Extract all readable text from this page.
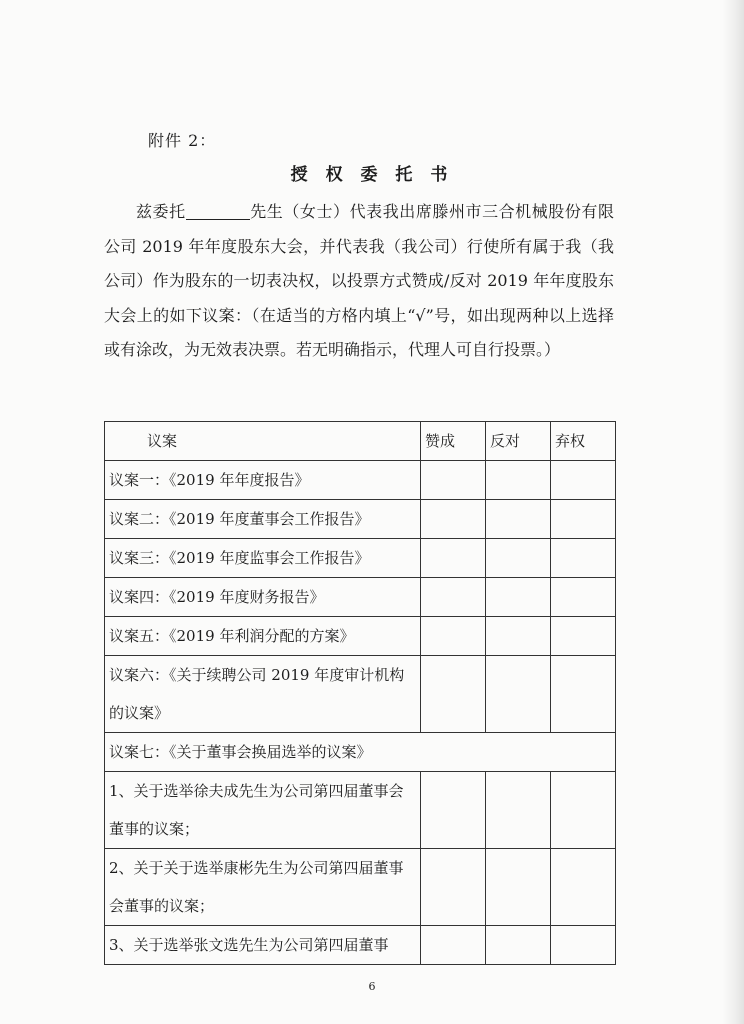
附件 2：
授 权 委 托 书

兹委托	先生（女士）代表我出席滕州市三合机械股份有限公司 2019 年年度股东大会，并代表我（我公司）行使所有属于我（我公司）作为股东的一切表决权，以投票方式赞成/反对 2019 年年度股东大会上的如下议案：（在适当的方格内填上“√”号，如出现两种以上选择或有涂改，为无效表决票。若无明确指示，代理人可自行投票。）

议案	赞成	反对	弃权
议案一：《2019 年年度报告》			
议案二：《2019 年度董事会工作报告》			
议案三：《2019 年度监事会工作报告》			
议案四：《2019 年度财务报告》			
议案五：《2019 年利润分配的方案》			
议案六：《关于续聘公司 2019 年度审计机构的议案》			
议案七：《关于董事会换届选举的议案》			
1、关于选举徐夫成先生为公司第四届董事会董事的议案；			
2、关于关于选举康彬先生为公司第四届董事会董事的议案；			
3、关于选举张文选先生为公司第四届董事			
6
